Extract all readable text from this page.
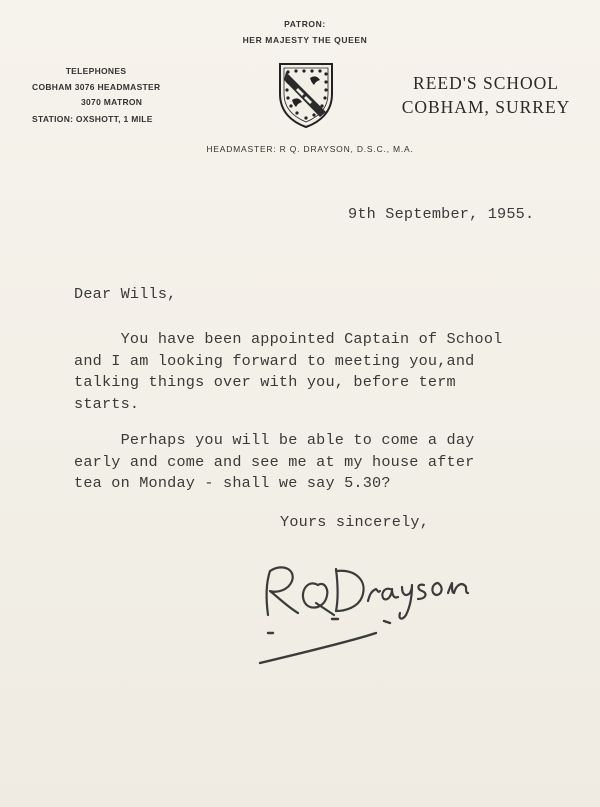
PATRON:
HER MAJESTY THE QUEEN
TELEPHONES
COBHAM 3076 HEADMASTER
3070 MATRON
STATION: OXSHOTT, 1 MILE
REED'S SCHOOL
COBHAM, SURREY
HEADMASTER: R Q. DRAYSON, D.S.C., M.A.
9th September, 1955.
Dear Wills,
You have been appointed Captain of School
and I am looking forward to meeting you,and
talking things over with you, before term
starts.
Perhaps you will be able to come a day
early and come and see me at my house after
tea on Monday - shall we say 5.30?
Yours sincerely,
